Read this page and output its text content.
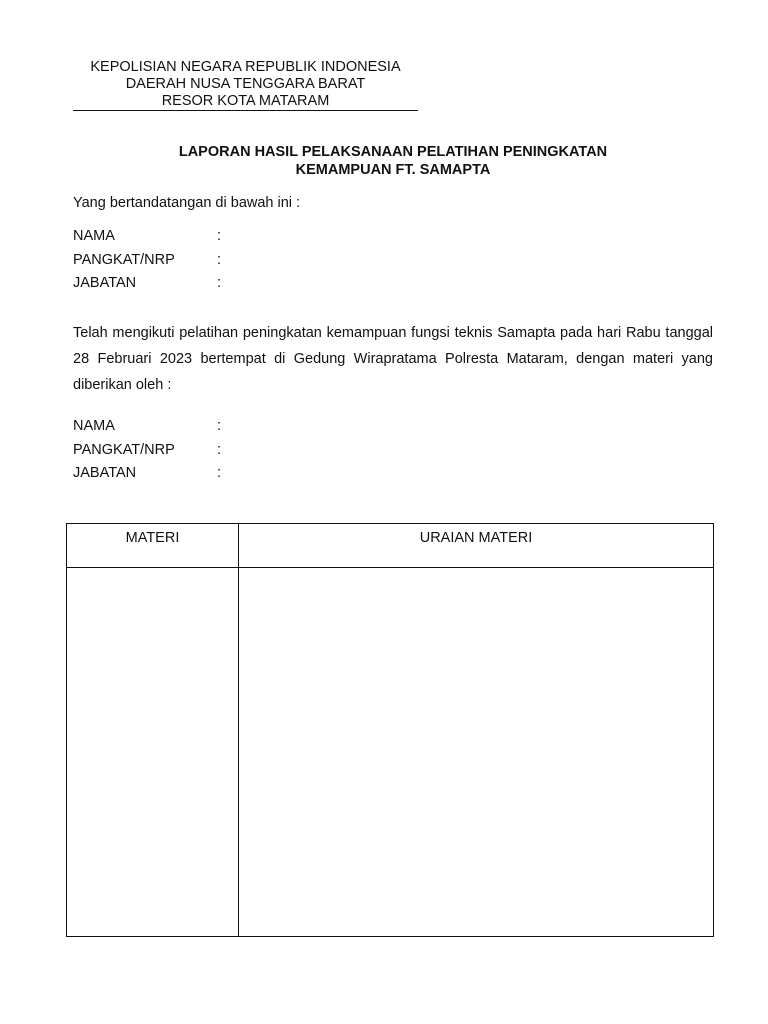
KEPOLISIAN NEGARA REPUBLIK INDONESIA
DAERAH NUSA TENGGARA BARAT
RESOR KOTA MATARAM
LAPORAN HASIL PELAKSANAAN PELATIHAN PENINGKATAN
KEMAMPUAN FT. SAMAPTA
Yang bertandatangan di bawah ini :
NAMA	:
PANGKAT/NRP	:
JABATAN	:
Telah mengikuti pelatihan peningkatan kemampuan fungsi teknis Samapta pada hari Rabu tanggal 28 Februari 2023 bertempat di Gedung Wirapratama Polresta Mataram, dengan materi yang diberikan oleh :
NAMA	:
PANGKAT/NRP	:
JABATAN	:
MATERI	URAIAN MATERI
